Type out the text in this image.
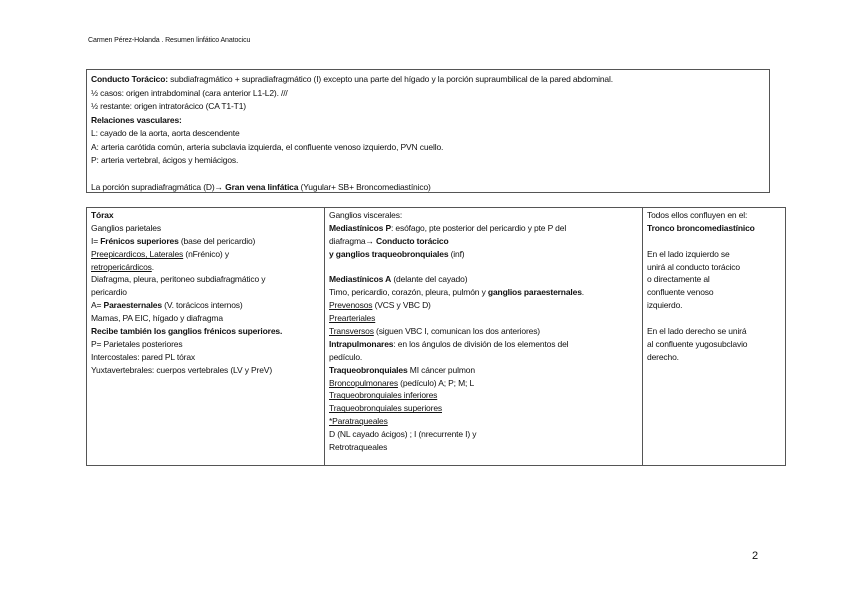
Carmen Pérez-Holanda . Resumen linfático Anatocicu
Conducto Torácico: subdiafragmático + supradiafragmático (I) excepto una parte del hígado y la porción supraumbilical de la pared abdominal.
½ casos: origen intrabdominal (cara anterior L1-L2). ///
½ restante: origen intratorácico (CA T1-T1)
Relaciones vasculares:
L: cayado de la aorta, aorta descendente
A: arteria carótida común, arteria subclavia izquierda, el confluente venoso izquierdo, PVN cuello.
P: arteria vertebral, ácigos y hemiácigos.
La porción supradiafragmática (D)→ Gran vena linfática (Yugular+ SB+ Broncomediastínico)
Tórax
Ganglios parietales
I= Frénicos superiores (base del pericardio)
Preepicardicos, Laterales (nFrénico) y
retropericárdicos.
Diafragma, pleura, peritoneo subdiafragmático y
pericardio
A= Paraesternales (V. torácicos internos)
Mamas, PA EIC, hígado y diafragma
Recibe también los ganglios frénicos superiores.
P= Parietales posteriores
Intercostales: pared PL tórax
Yuxtavertebrales: cuerpos vertebrales (LV y PreV)

Ganglios viscerales:
Mediastínicos P: esófago, pte posterior del pericardio y pte P del
diafragma→ Conducto torácico
y ganglios traqueobronquiales (inf)
Mediastínicos A (delante del cayado)
Timo, pericardio, corazón, pleura, pulmón y ganglios paraesternales.
Prevenosos (VCS y VBC D)
Prearteriales
Transversos (siguen VBC I, comunican los dos anteriores)
Intrapulmonares: en los ángulos de división de los elementos del
pedículo.
Traqueobronquiales MI cáncer pulmon
Broncopulmonares (pedículo) A; P; M; L
Traqueobronquiales inferiores
Traqueobronquiales superiores
*Paratraqueales
D (NL cayado ácigos) ; I (nrecurrente I) y
Retrotraqueales

Todos ellos confluyen en el:
Tronco broncomediastínico
En el lado izquierdo se
unirá al conducto torácico
o directamente al
confluente venoso
izquierdo.
En el lado derecho se unirá
al confluente yugosubclavio
derecho.
2
